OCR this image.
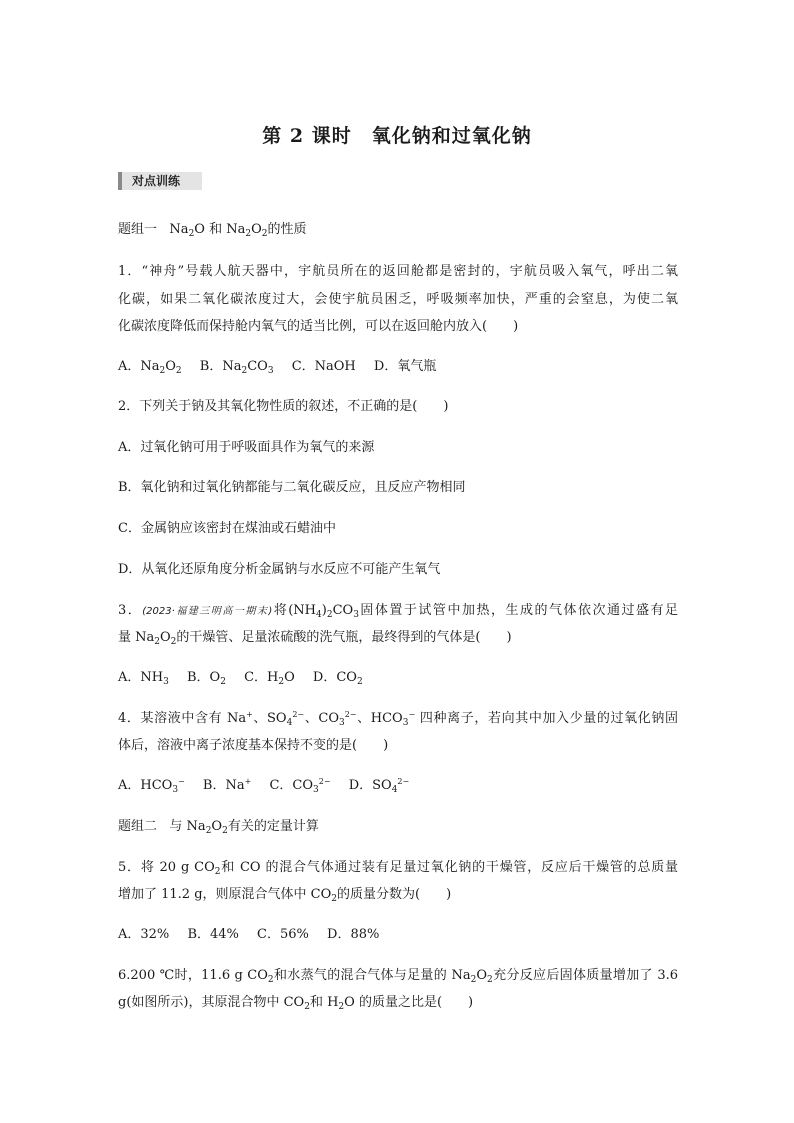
第 2 课时 氧化钠和过氧化钠
对点训练
题组一 $Na_2O$ 和 $Na_2O_2$的性质
1．“神舟”号载人航天器中，宇航员所在的返回舱都是密封的，宇航员吸入氧气，呼出二氧
化碳，如果二氧化碳浓度过大，会使宇航员困乏，呼吸频率加快，严重的会窒息，为使二氧
化碳浓度降低而保持舱内氧气的适当比例，可以在返回舱内放入( )
A．$Na_2O_2$ B．$Na_2CO_3$ C．NaOH D．氧气瓶
2．下列关于钠及其氧化物性质的叙述，不正确的是( )
A．过氧化钠可用于呼吸面具作为氧气的来源
B．氧化钠和过氧化钠都能与二氧化碳反应，且反应产物相同
C．金属钠应该密封在煤油或石蜡油中
D．从氧化还原角度分析金属钠与水反应不可能产生氧气
3．(2023·福建三明高一期末)将$(NH_4)_2CO_3$固体置于试管中加热，生成的气体依次通过盛有足
量 $Na_2O_2$的干燥管、足量浓硫酸的洗气瓶，最终得到的气体是( )
A．$NH_3$ B．$O_2$ C．$H_2O$ D．$CO_2$
4．某溶液中含有 Na+、$SO_4^{2-}$、$CO_3^{2-}$、$HCO_3^-$ 四种离子，若向其中加入少量的过氧化钠固
体后，溶液中离子浓度基本保持不变的是( )
A．$HCO_3^-$ B．Na+ C．$CO_3^{2-}$ D．$SO_4^{2-}$
题组二 与 $Na_2O_2$有关的定量计算
5．将 20 g $CO_2$和 CO 的混合气体通过装有足量过氧化钠的干燥管，反应后干燥管的总质量
增加了 11.2 g，则原混合气体中 $CO_2$的质量分数为( )
A．32% B．44% C．56% D．88%
6.200 ℃时，11.6 g $CO_2$和水蒸气的混合气体与足量的 $Na_2O_2$充分反应后固体质量增加了 3.6
g(如图所示)，其原混合物中 $CO_2$和 $H_2O$ 的质量之比是( )
